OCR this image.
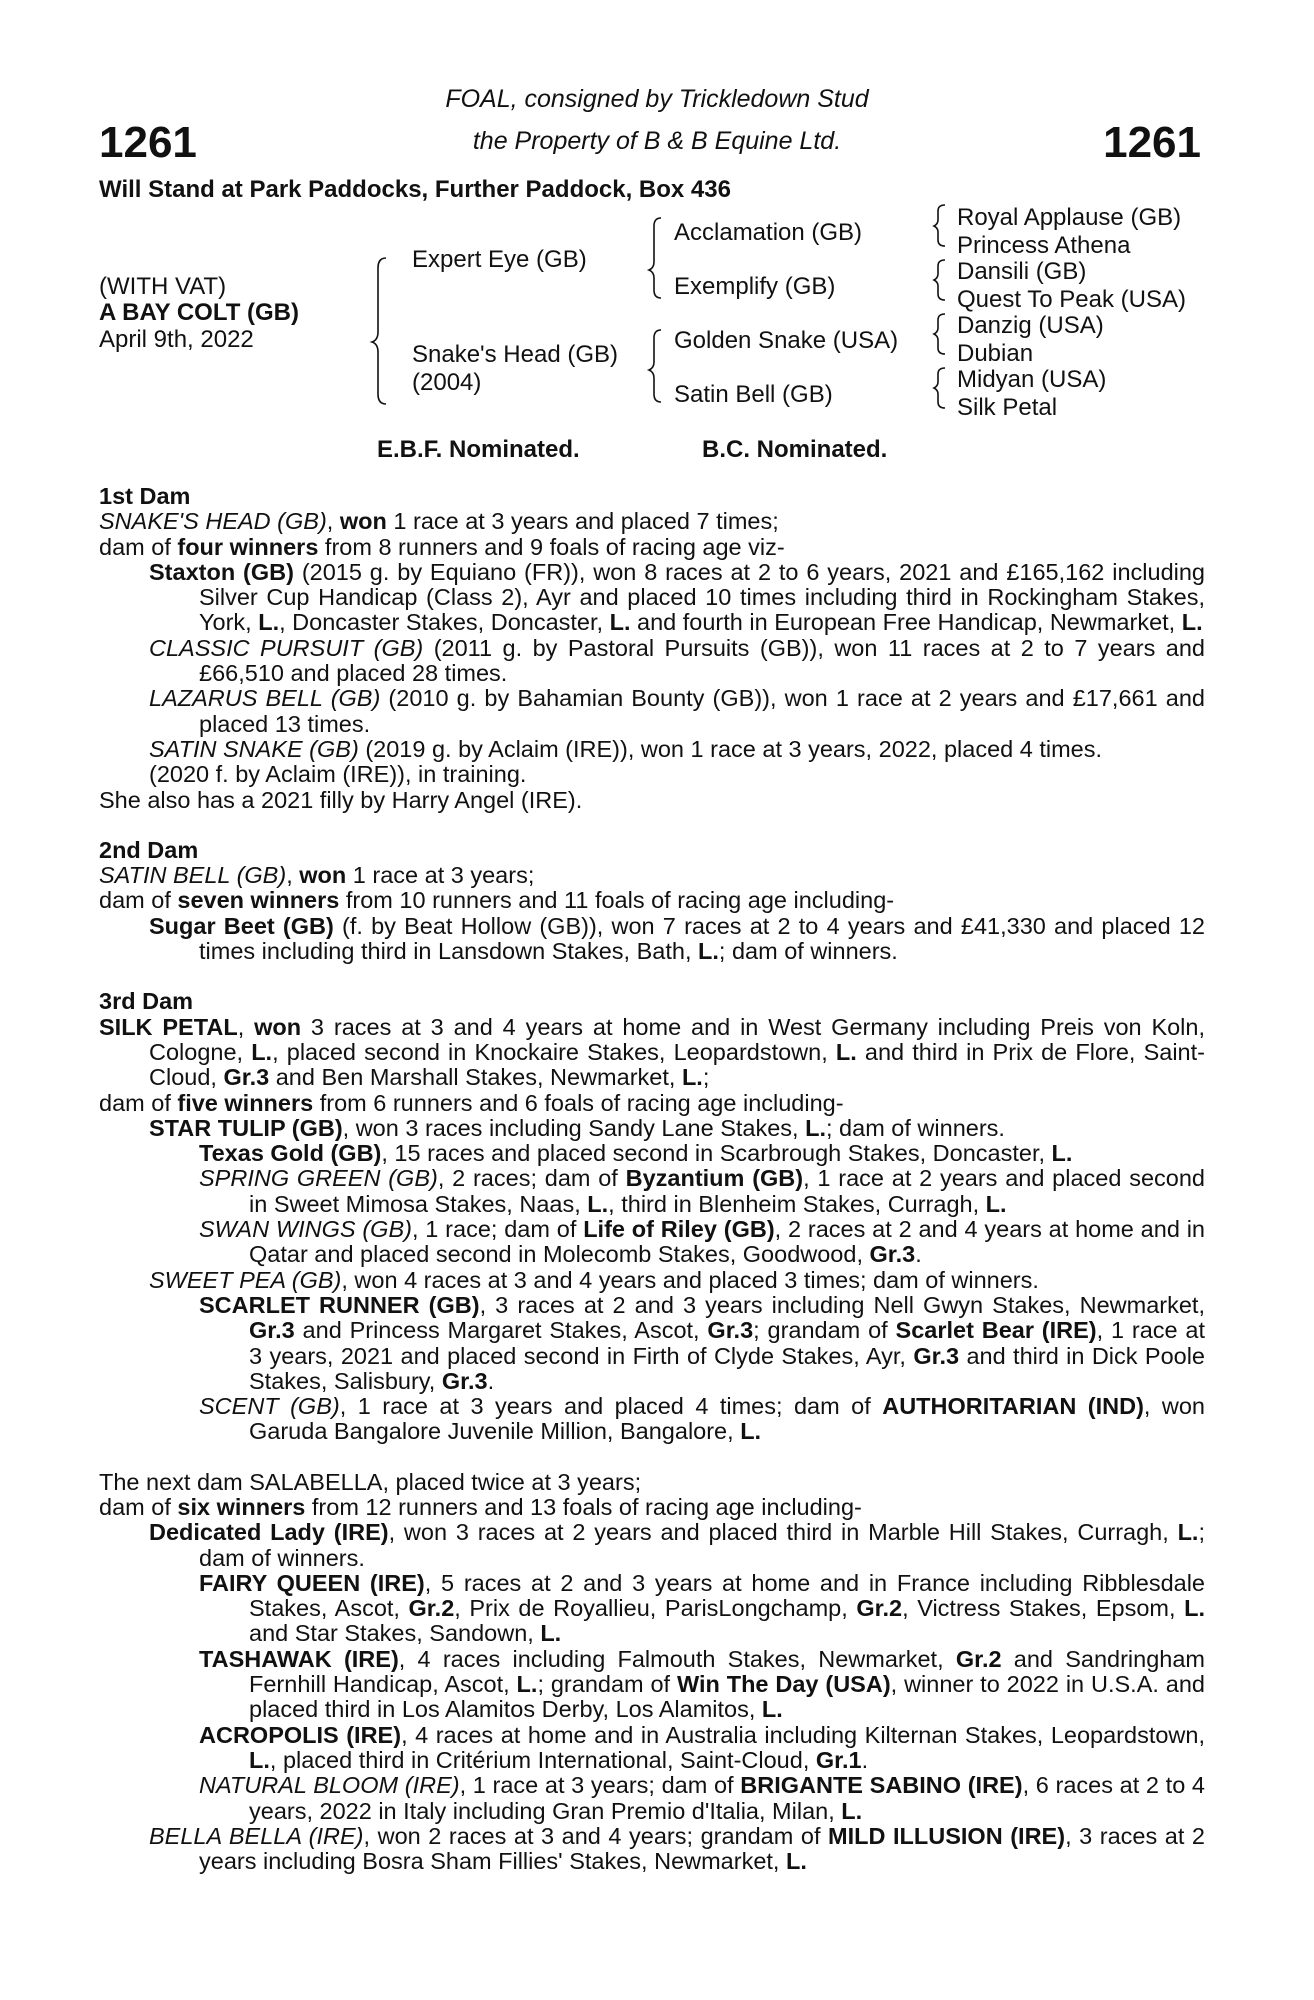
1261	1261
FOAL, consigned by Trickledown Stud
the Property of B & B Equine Ltd.
Will Stand at Park Paddocks, Further Paddock, Box 436
(WITH VAT)
A BAY COLT (GB)
April 9th, 2022
Expert Eye (GB)
Snake's Head (GB)
(2004)
Acclamation (GB)
Exemplify (GB)
Golden Snake (USA)
Satin Bell (GB)
Royal Applause (GB)
Princess Athena
Dansili (GB)
Quest To Peak (USA)
Danzig (USA)
Dubian
Midyan (USA)
Silk Petal
E.B.F. Nominated.	B.C. Nominated.
1st Dam
SNAKE'S HEAD (GB), won 1 race at 3 years and placed 7 times;
dam of four winners from 8 runners and 9 foals of racing age viz-
Staxton (GB) (2015 g. by Equiano (FR)), won 8 races at 2 to 6 years, 2021 and £165,162 including Silver Cup Handicap (Class 2), Ayr and placed 10 times including third in Rockingham Stakes, York, L., Doncaster Stakes, Doncaster, L. and fourth in European Free Handicap, Newmarket, L.
CLASSIC PURSUIT (GB) (2011 g. by Pastoral Pursuits (GB)), won 11 races at 2 to 7 years and £66,510 and placed 28 times.
LAZARUS BELL (GB) (2010 g. by Bahamian Bounty (GB)), won 1 race at 2 years and £17,661 and placed 13 times.
SATIN SNAKE (GB) (2019 g. by Aclaim (IRE)), won 1 race at 3 years, 2022, placed 4 times.
(2020 f. by Aclaim (IRE)), in training.
She also has a 2021 filly by Harry Angel (IRE).
2nd Dam
SATIN BELL (GB), won 1 race at 3 years;
dam of seven winners from 10 runners and 11 foals of racing age including-
Sugar Beet (GB) (f. by Beat Hollow (GB)), won 7 races at 2 to 4 years and £41,330 and placed 12 times including third in Lansdown Stakes, Bath, L.; dam of winners.
3rd Dam
SILK PETAL, won 3 races at 3 and 4 years at home and in West Germany including Preis von Koln, Cologne, L., placed second in Knockaire Stakes, Leopardstown, L. and third in Prix de Flore, Saint-Cloud, Gr.3 and Ben Marshall Stakes, Newmarket, L.;
dam of five winners from 6 runners and 6 foals of racing age including-
STAR TULIP (GB), won 3 races including Sandy Lane Stakes, L.; dam of winners.
Texas Gold (GB), 15 races and placed second in Scarbrough Stakes, Doncaster, L.
SPRING GREEN (GB), 2 races; dam of Byzantium (GB), 1 race at 2 years and placed second in Sweet Mimosa Stakes, Naas, L., third in Blenheim Stakes, Curragh, L.
SWAN WINGS (GB), 1 race; dam of Life of Riley (GB), 2 races at 2 and 4 years at home and in Qatar and placed second in Molecomb Stakes, Goodwood, Gr.3.
SWEET PEA (GB), won 4 races at 3 and 4 years and placed 3 times; dam of winners.
SCARLET RUNNER (GB), 3 races at 2 and 3 years including Nell Gwyn Stakes, Newmarket, Gr.3 and Princess Margaret Stakes, Ascot, Gr.3; grandam of Scarlet Bear (IRE), 1 race at 3 years, 2021 and placed second in Firth of Clyde Stakes, Ayr, Gr.3 and third in Dick Poole Stakes, Salisbury, Gr.3.
SCENT (GB), 1 race at 3 years and placed 4 times; dam of AUTHORITARIAN (IND), won Garuda Bangalore Juvenile Million, Bangalore, L.
The next dam SALABELLA, placed twice at 3 years;
dam of six winners from 12 runners and 13 foals of racing age including-
Dedicated Lady (IRE), won 3 races at 2 years and placed third in Marble Hill Stakes, Curragh, L.; dam of winners.
FAIRY QUEEN (IRE), 5 races at 2 and 3 years at home and in France including Ribblesdale Stakes, Ascot, Gr.2, Prix de Royallieu, ParisLongchamp, Gr.2, Victress Stakes, Epsom, L. and Star Stakes, Sandown, L.
TASHAWAK (IRE), 4 races including Falmouth Stakes, Newmarket, Gr.2 and Sandringham Fernhill Handicap, Ascot, L.; grandam of Win The Day (USA), winner to 2022 in U.S.A. and placed third in Los Alamitos Derby, Los Alamitos, L.
ACROPOLIS (IRE), 4 races at home and in Australia including Kilternan Stakes, Leopardstown, L., placed third in Critérium International, Saint-Cloud, Gr.1.
NATURAL BLOOM (IRE), 1 race at 3 years; dam of BRIGANTE SABINO (IRE), 6 races at 2 to 4 years, 2022 in Italy including Gran Premio d'Italia, Milan, L.
BELLA BELLA (IRE), won 2 races at 3 and 4 years; grandam of MILD ILLUSION (IRE), 3 races at 2 years including Bosra Sham Fillies' Stakes, Newmarket, L.
